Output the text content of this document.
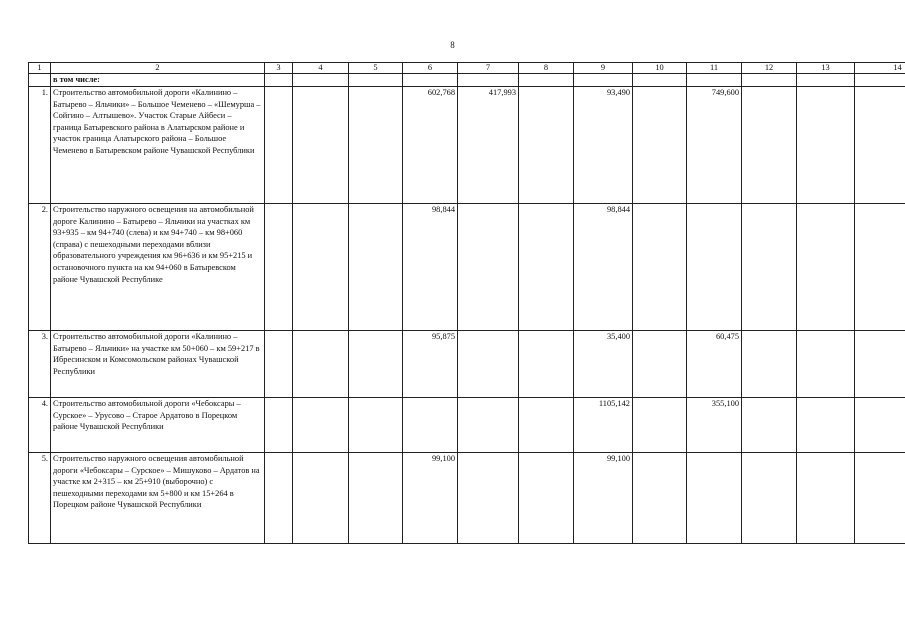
8
1	2	3	4	5	6	7	8	9	10	11	12	13	14
	в том числе:												
1.	Строительство автомобильной дороги «Калинино – Батырево – Яльчики» – Большое Чеменево – «Шемурша – Сойгино – Алтышево». Участок Старые Айбеси – граница Батыревского района в Алатырском районе и участок граница Алатырского района – Большое Чеменево в Батыревском районе Чувашской Республики				602,768	417,993		93,490		749,600			
2.	Строительство наружного освещения на автомобильной дороге Калинино – Батырево – Яльчики на участках км 93+935 – км 94+740 (слева) и км 94+740 – км 98+060 (справа) с пешеходными переходами вблизи образовательного учреждения км 96+636 и км 95+215 и остановочного пункта на км 94+060 в Батыревском районе Чувашской Республике				98,844			98,844					
3.	Строительство автомобильной дороги «Калинино – Батырево – Яльчики» на участке км 50+060 – км 59+217 в Ибресинском и Комсомольском районах Чувашской Республики				95,875			35,400		60,475			
4.	Строительство автомобильной дороги «Чебоксары – Сурское» – Урусово – Старое Ардатово в Порецком районе Чувашской Республики							1105,142		355,100			
5.	Строительство наружного освещения автомобильной дороги «Чебоксары – Сурское» – Мишуково – Ардатов на участке км 2+315 – км 25+910 (выборочно) с пешеходными переходами км 5+800 и км 15+264 в Порецком районе Чувашской Республики				99,100			99,100					
